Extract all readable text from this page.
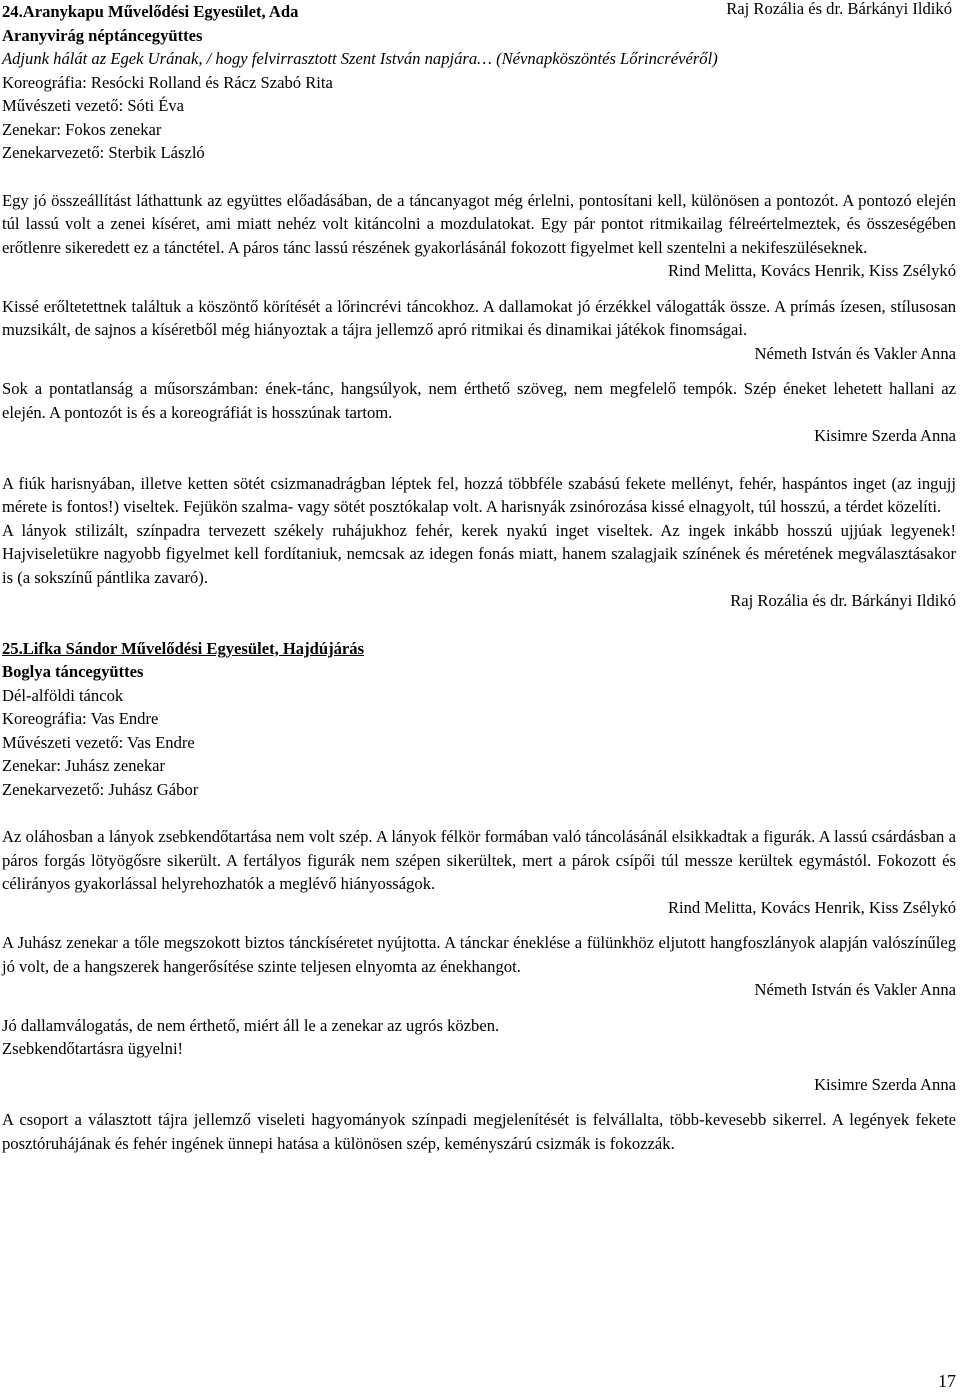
Raj Rozália és dr. Bárkányi Ildikó
24.Aranykapu Művelődési Egyesület, Ada
Aranyvirág néptáncegyüttes
Adjunk hálát az Egek Urának, / hogy felvirrasztott Szent István napjára… (Névnapköszöntés Lőrincrévéről)
Koreográfia: Resócki Rolland és Rácz Szabó Rita
Művészeti vezető: Sóti Éva
Zenekar: Fokos zenekar
Zenekarvezető: Sterbik László

Egy jó összeállítást láthattunk az együttes előadásában, de a táncanyagot még érlelni, pontosítani kell, különösen a pontozót. A pontozó elején túl lassú volt a zenei kíséret, ami miatt nehéz volt kitáncolni a mozdulatokat. Egy pár pontot ritmikailag félreértelmeztek, és összeségében erőtlenre sikeredett ez a tánctétel. A páros tánc lassú részének gyakorlásánál fokozott figyelmet kell szentelni a nekifeszüléseknek.

Rind Melitta, Kovács Henrik, Kiss Zsélykó

Kissé erőltetettnek találtuk a köszöntő körítését a lőrincrévi táncokhoz. A dallamokat jó érzékkel válogatták össze. A prímás ízesen, stílusosan muzsikált, de sajnos a kíséretből még hiányoztak a tájra jellemző apró ritmikai és dinamikai játékok finomságai.

Németh István és Vakler Anna

Sok a pontatlanság a műsorszámban: ének-tánc, hangsúlyok, nem érthető szöveg, nem megfelelő tempók. Szép éneket lehetett hallani az elején. A pontozót is és a koreográfiát is hosszúnak tartom.

Kisimre Szerda Anna

A fiúk harisnyában, illetve ketten sötét csizmanadrágban léptek fel, hozzá többféle szabású fekete mellényt, fehér, haspántos inget (az ingujj mérete is fontos!) viseltek. Fejükön szalma- vagy sötét posztókalap volt. A harisnyák zsinórozása kissé elnagyolt, túl hosszú, a térdet közelíti.

A lányok stilizált, színpadra tervezett székely ruhájukhoz fehér, kerek nyakú inget viseltek. Az ingek inkább hosszú ujjúak legyenek! Hajviseletükre nagyobb figyelmet kell fordítaniuk, nemcsak az idegen fonás miatt, hanem szalagjaik színének és méretének megválasztásakor is (a sokszínű pántlika zavaró).

Raj Rozália és dr. Bárkányi Ildikó
25.Lifka Sándor Művelődési Egyesület, Hajdújárás
Boglya táncegyüttes
Dél-alföldi táncok
Koreográfia: Vas Endre
Művészeti vezető: Vas Endre
Zenekar: Juhász zenekar
Zenekarvezető: Juhász Gábor

Az oláhosban a lányok zsebkendőtartása nem volt szép. A lányok félkör formában való táncolásánál elsikkadtak a figurák. A lassú csárdásban a páros forgás lötyögősre sikerült. A fertályos figurák nem szépen sikerültek, mert a párok csípői túl messze kerültek egymástól. Fokozott és célirányos gyakorlással helyrehozhatók a meglévő hiányosságok.

Rind Melitta, Kovács Henrik, Kiss Zsélykó

A Juhász zenekar a tőle megszokott biztos tánckíséretet nyújtotta. A tánckar éneklése a fülünkhöz eljutott hangfoszlányok alapján valószínűleg jó volt, de a hangszerek hangerősítése szinte teljesen elnyomta az énekhangot.

Németh István és Vakler Anna

Jó dallamválogatás, de nem érthető, miért áll le a zenekar az ugrós közben.

Zsebkendőtartásra ügyelni!

Kisimre Szerda Anna

A csoport a választott tájra jellemző viseleti hagyományok színpadi megjelenítését is felvállalta, több-kevesebb sikerrel. A legények fekete posztóruhájának és fehér ingének ünnepi hatása a különösen szép, keményszárú csizmák is fokozzák.

17
